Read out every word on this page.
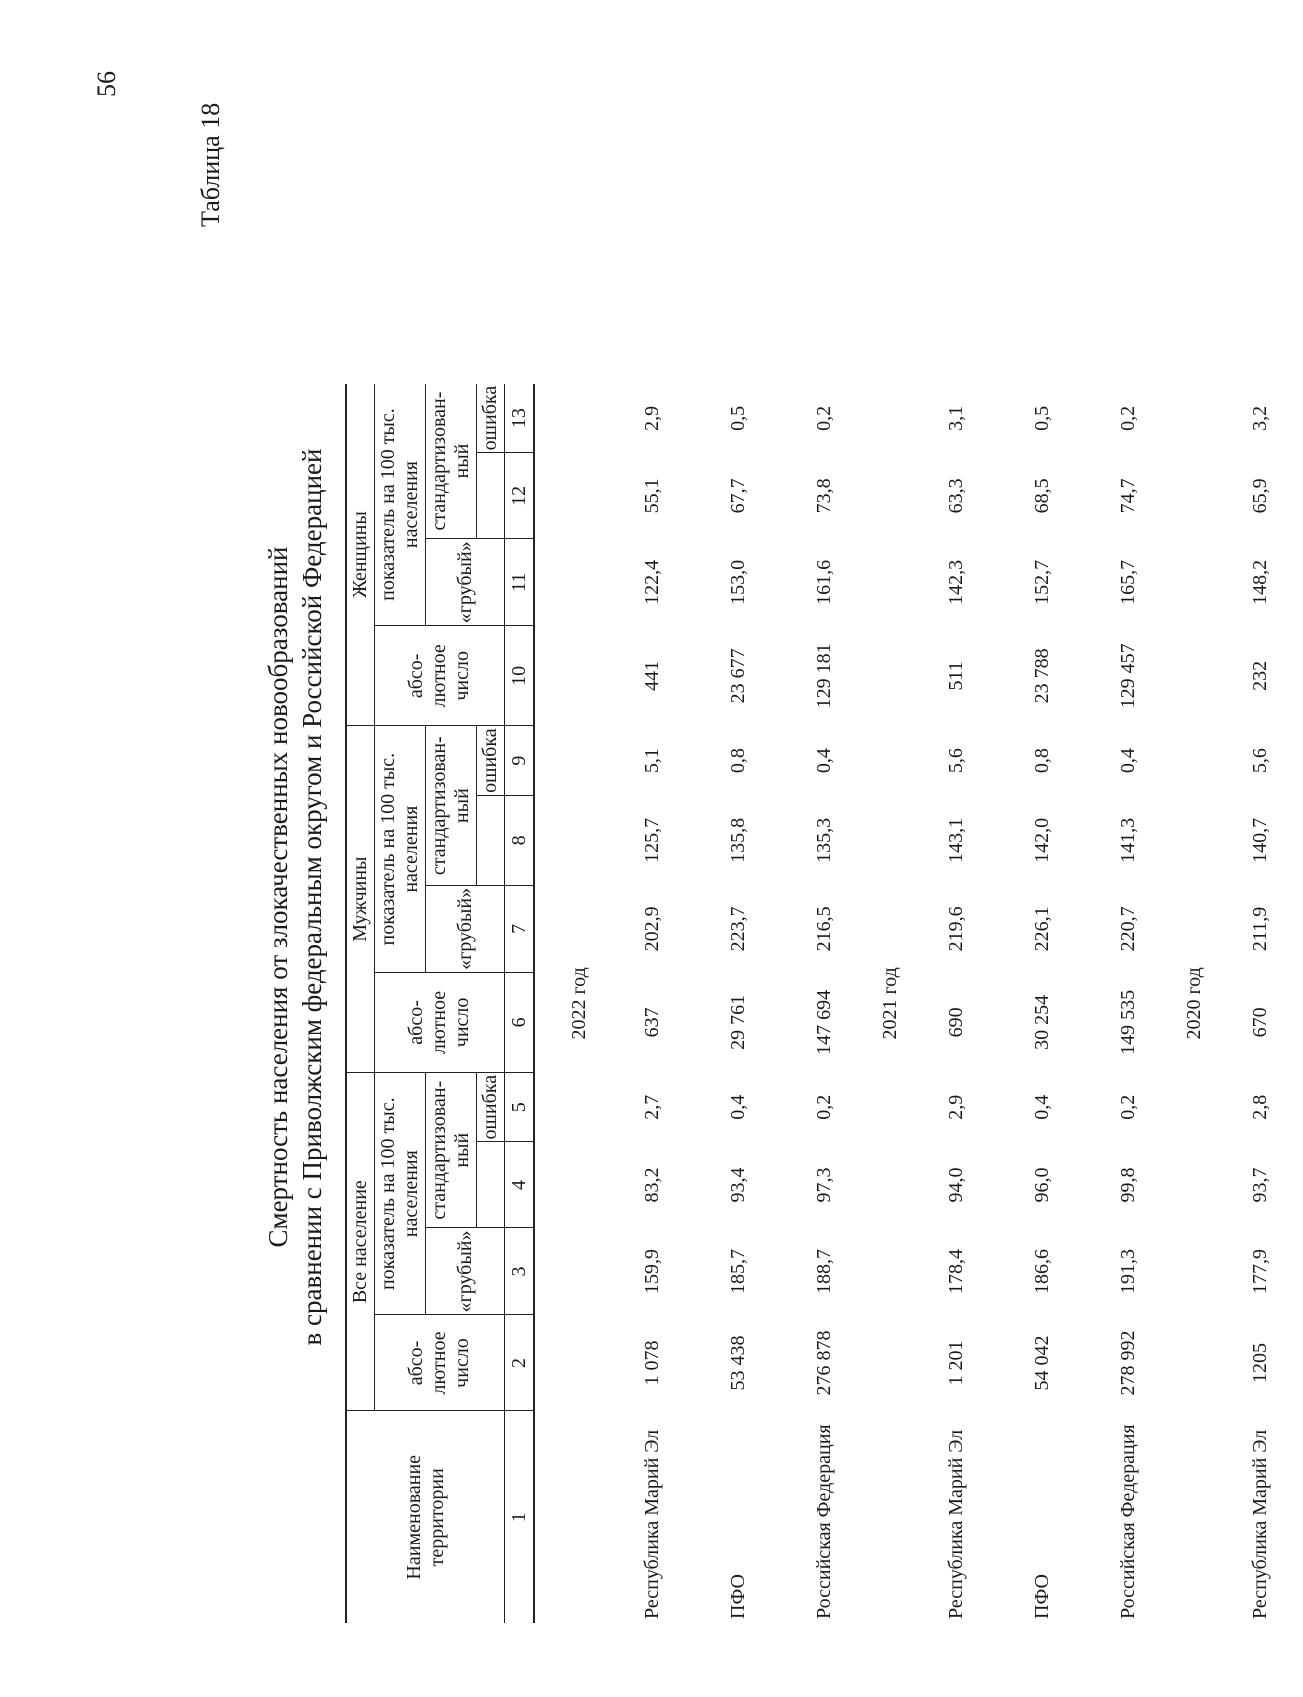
56
Таблица 18
Смертность населения от злокачественных новообразований в сравнении с Приволжским федеральным округом и Российской Федерацией
Наименование территории	Все население				Мужчины				Женщины			
	абсо- лютное число	показатель на 100 тыс. населения			абсо- лютное число	показатель на 100 тыс. населения			абсо- лютное число	показатель на 100 тыс. населения		
		«грубый»	стандартизован- ный			«грубый»	стандартизован- ный			«грубый»	стандартизован- ный	
				ошибка				ошибка				ошибка
1	2	3	4	5	6	7	8	9	10	11	12	13
2022 год												
Республика Марий Эл	1 078	159,9	83,2	2,7	637	202,9	125,7	5,1	441	122,4	55,1	2,9
ПФО	53 438	185,7	93,4	0,4	29 761	223,7	135,8	0,8	23 677	153,0	67,7	0,5
Российская Федерация	276 878	188,7	97,3	0,2	147 694	216,5	135,3	0,4	129 181	161,6	73,8	0,2
2021 год												
Республика Марий Эл	1 201	178,4	94,0	2,9	690	219,6	143,1	5,6	511	142,3	63,3	3,1
ПФО	54 042	186,6	96,0	0,4	30 254	226,1	142,0	0,8	23 788	152,7	68,5	0,5
Российская Федерация	278 992	191,3	99,8	0,2	149 535	220,7	141,3	0,4	129 457	165,7	74,7	0,2
2020 год												
Республика Марий Эл	1205	177,9	93,7	2,8	670	211,9	140,7	5,6	232	148,2	65,9	3,2
